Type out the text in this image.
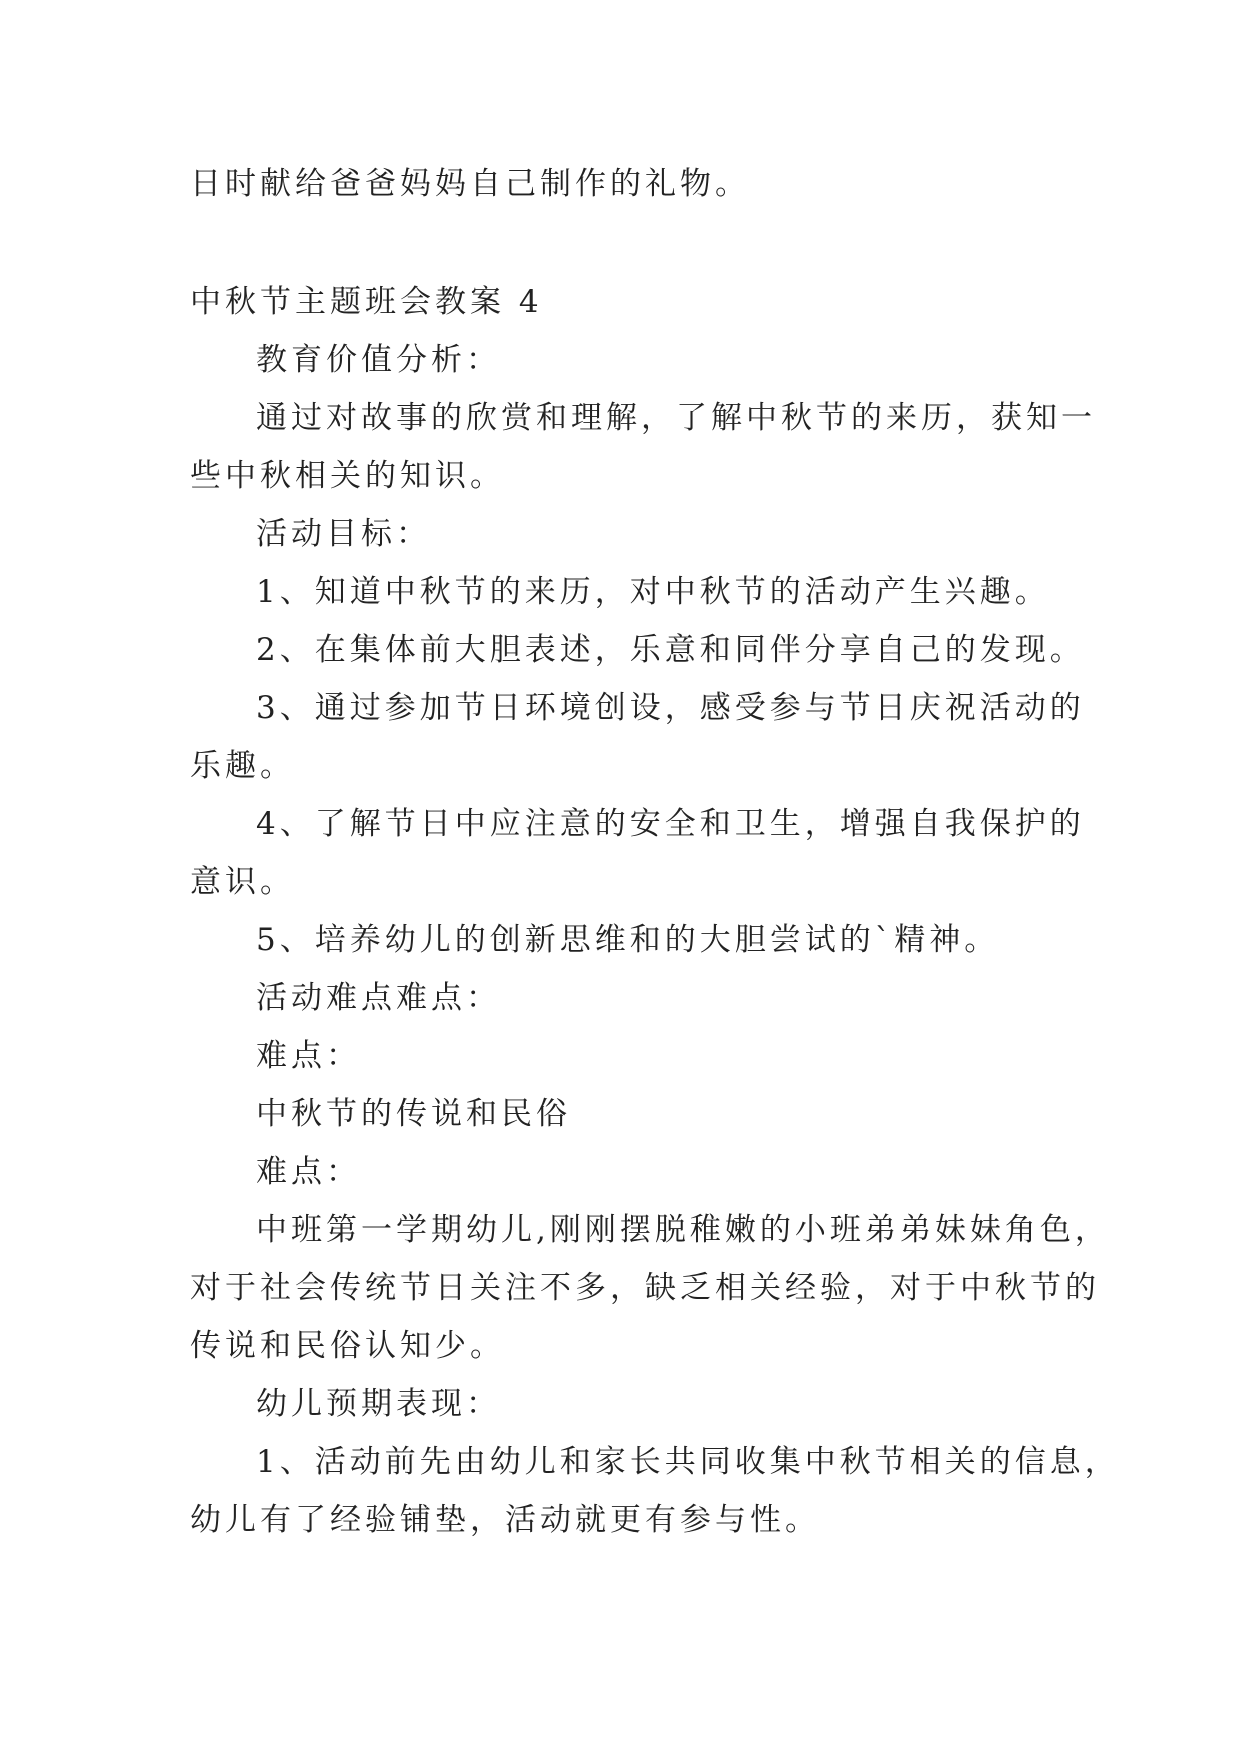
日时献给爸爸妈妈自己制作的礼物。
中秋节主题班会教案 4
教育价值分析：
通过对故事的欣赏和理解，了解中秋节的来历，获知一
些中秋相关的知识。
活动目标：
1、知道中秋节的来历，对中秋节的活动产生兴趣。
2、在集体前大胆表述，乐意和同伴分享自己的发现。
3、通过参加节日环境创设，感受参与节日庆祝活动的
乐趣。
4、了解节日中应注意的安全和卫生，增强自我保护的
意识。
5、培养幼儿的创新思维和的大胆尝试的`精神。
活动难点难点：
难点：
中秋节的传说和民俗
难点：
中班第一学期幼儿,刚刚摆脱稚嫩的小班弟弟妹妹角色，
对于社会传统节日关注不多，缺乏相关经验，对于中秋节的
传说和民俗认知少。
幼儿预期表现：
1、活动前先由幼儿和家长共同收集中秋节相关的信息，
幼儿有了经验铺垫，活动就更有参与性。
